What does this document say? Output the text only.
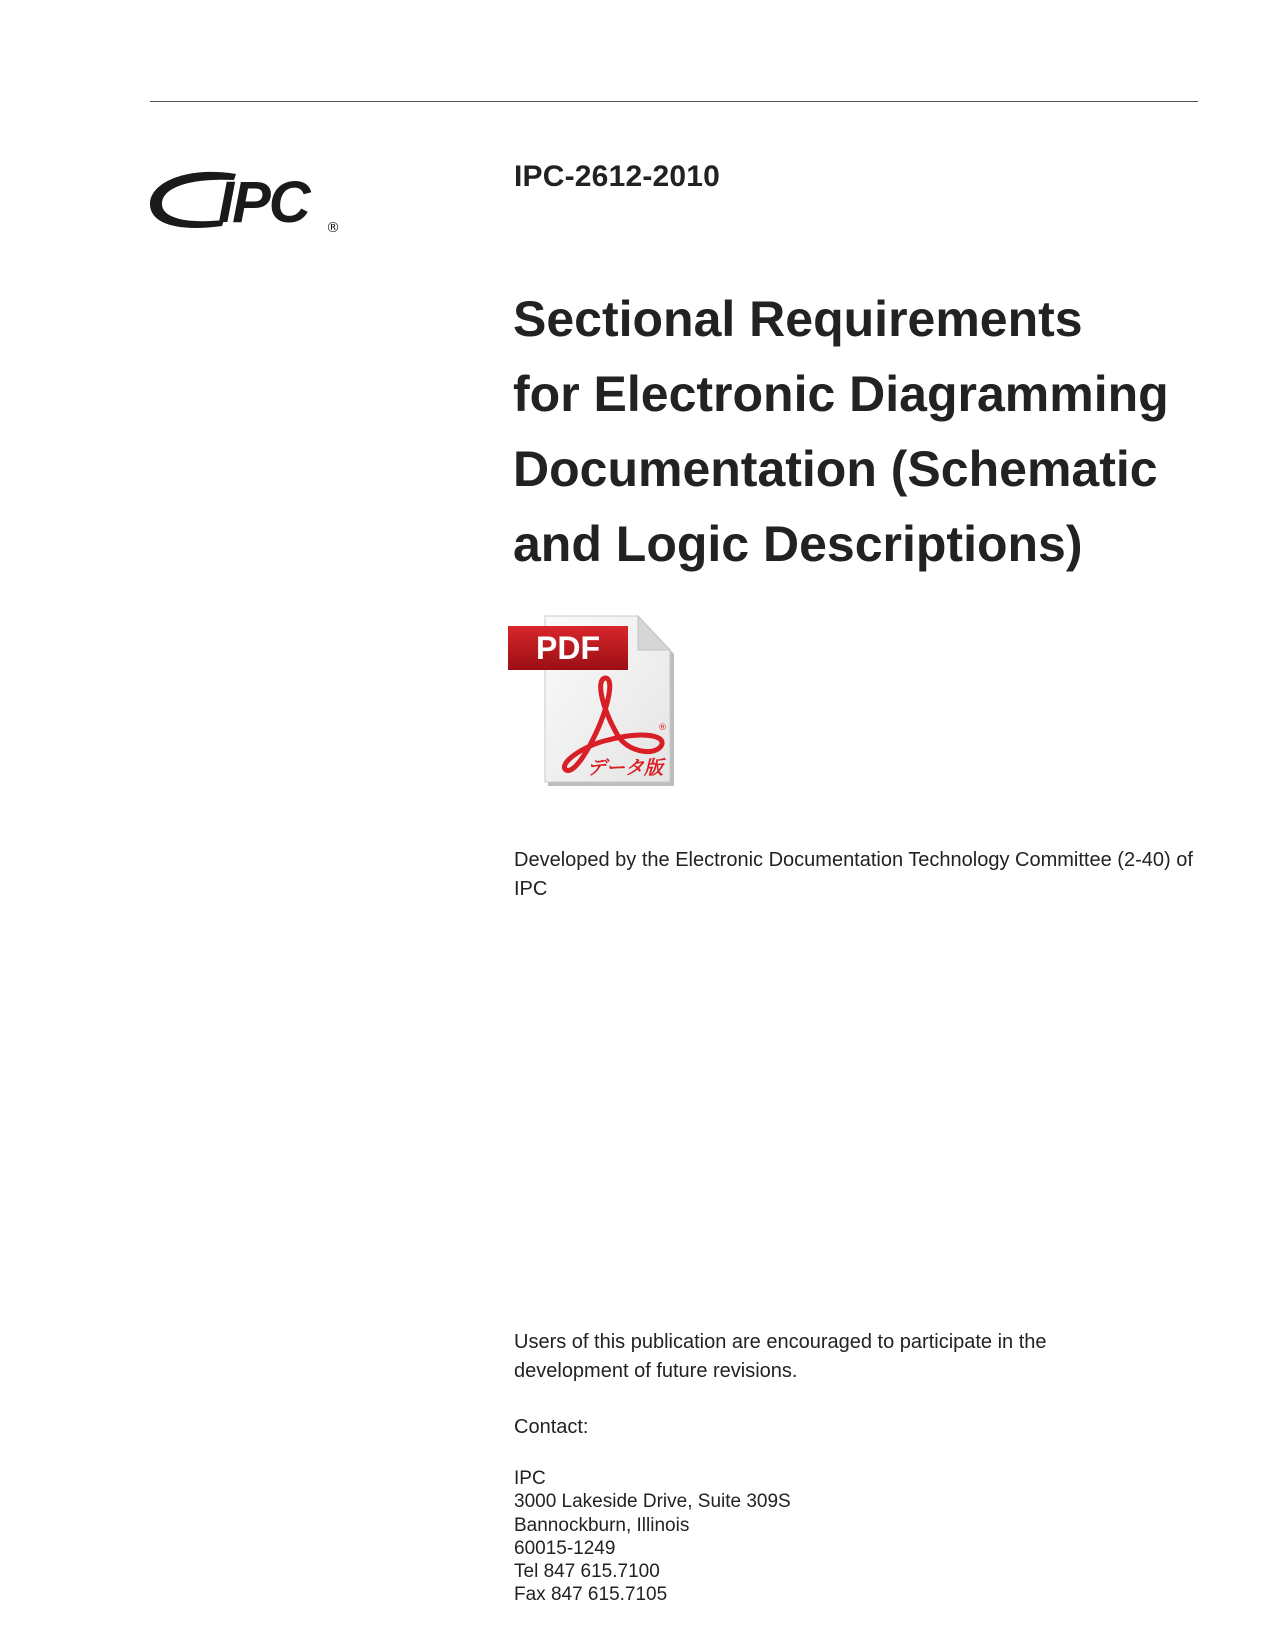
IPC ®
IPC-2612-2010
Sectional Requirements
for Electronic Diagramming
Documentation (Schematic
and Logic Descriptions)
PDF
®
データ版
Developed by the Electronic Documentation Technology Committee (2-40) of IPC
Users of this publication are encouraged to participate in the development of future revisions.
Contact:
IPC
3000 Lakeside Drive, Suite 309S
Bannockburn, Illinois
60015-1249
Tel 847 615.7100
Fax 847 615.7105
